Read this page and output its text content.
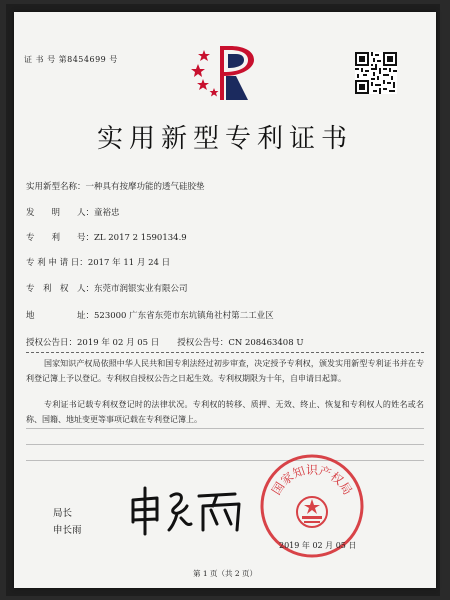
证 书 号 第8454699 号
实用新型专利证书
实用新型名称：一种具有按摩功能的透气硅胶垫
发　　明　　人：童裕忠
专　　利　　号：ZL 2017 2 1590134.9
专 利 申 请 日：2017 年 11 月 24 日
专　利　权　人：东莞市润银实业有限公司
地　　　　　址：523000 广东省东莞市东坑镇角社村第二工业区
授权公告日：2019 年 02 月 05 日 授权公告号：CN 208463408 U
国家知识产权局依照中华人民共和国专利法经过初步审查，决定授予专利权，颁发实用新型专利证书并在专利登记簿上予以登记。专利权自授权公告之日起生效。专利权期限为十年，自申请日起算。
专利证书记载专利权登记时的法律状况。专利权的转移、质押、无效、终止、恢复和专利权人的姓名或名称、国籍、地址变更等事项记载在专利登记簿上。
局长
申长雨
国家知识产权局
2019 年 02 月 05 日
第 1 页（共 2 页）
